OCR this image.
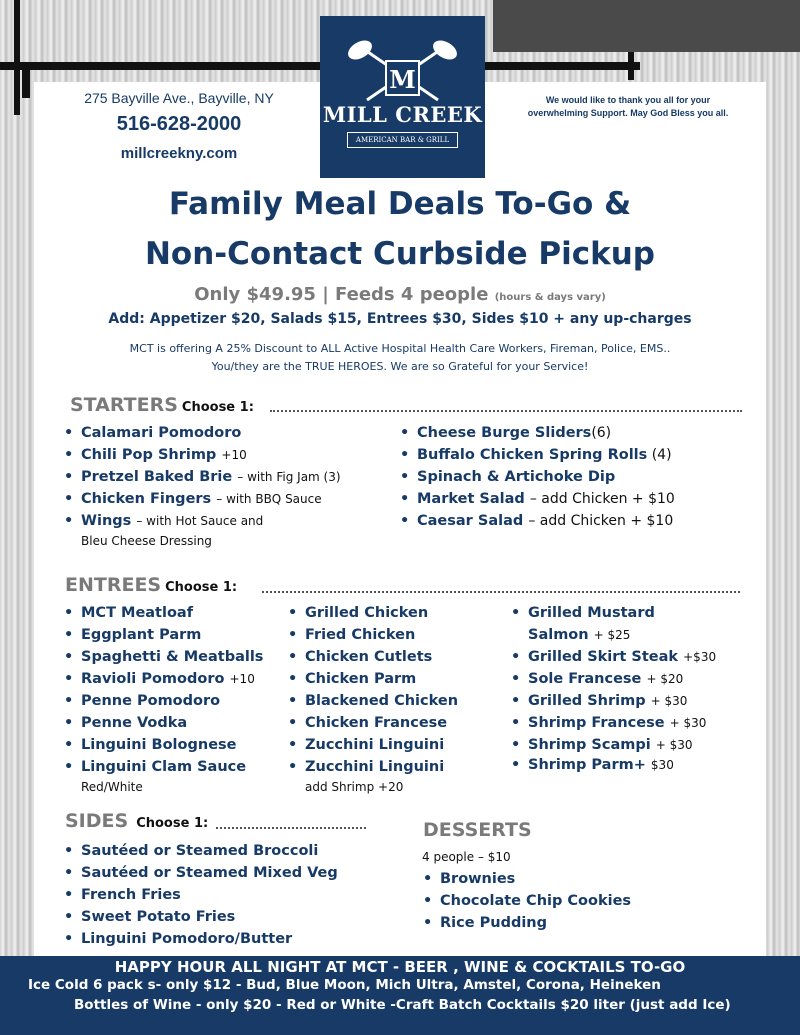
275 Bayville Ave., Bayville, NY
516-628-2000
millcreekny.com
We would like to thank you all for your
overwhelming Support. May God Bless you all.
M
MILL CREEK
AMERICAN BAR & GRILL
Family Meal Deals To-Go &
Non-Contact Curbside Pickup
Only $49.95 | Feeds 4 people (hours & days vary)
Add: Appetizer $20, Salads $15, Entrees $30, Sides $10 + any up-charges
MCT is offering A 25% Discount to ALL Active Hospital Health Care Workers, Fireman, Police, EMS..
You/they are the TRUE HEROES. We are so Grateful for your Service!
STARTERS Choose 1:
• Calamari Pomodoro
• Chili Pop Shrimp +10
• Pretzel Baked Brie – with Fig Jam (3)
• Chicken Fingers – with BBQ Sauce
• Wings – with Hot Sauce and
Bleu Cheese Dressing
• Cheese Burge Sliders(6)
• Buffalo Chicken Spring Rolls (4)
• Spinach & Artichoke Dip
• Market Salad – add Chicken + $10
• Caesar Salad – add Chicken + $10
ENTREES Choose 1:
• MCT Meatloaf
• Eggplant Parm
• Spaghetti & Meatballs
• Ravioli Pomodoro +10
• Penne Pomodoro
• Penne Vodka
• Linguini Bolognese
• Linguini Clam Sauce
Red/White
• Grilled Chicken
• Fried Chicken
• Chicken Cutlets
• Chicken Parm
• Blackened Chicken
• Chicken Francese
• Zucchini Linguini
• Zucchini Linguini
add Shrimp +20
• Grilled Mustard
Salmon + $25
• Grilled Skirt Steak +$30
• Sole Francese + $20
• Grilled Shrimp + $30
• Shrimp Francese + $30
• Shrimp Scampi + $30
• Shrimp Parm+ $30
SIDES Choose 1:
• Sautéed or Steamed Broccoli
• Sautéed or Steamed Mixed Veg
• French Fries
• Sweet Potato Fries
• Linguini Pomodoro/Butter
DESSERTS
4 people – $10
• Brownies
• Chocolate Chip Cookies
• Rice Pudding
HAPPY HOUR ALL NIGHT AT MCT - BEER , WINE & COCKTAILS TO-GO
Ice Cold 6 pack s- only $12 - Bud, Blue Moon, Mich Ultra, Amstel, Corona, Heineken
Bottles of Wine - only $20 - Red or White -Craft Batch Cocktails $20 liter (just add Ice)
